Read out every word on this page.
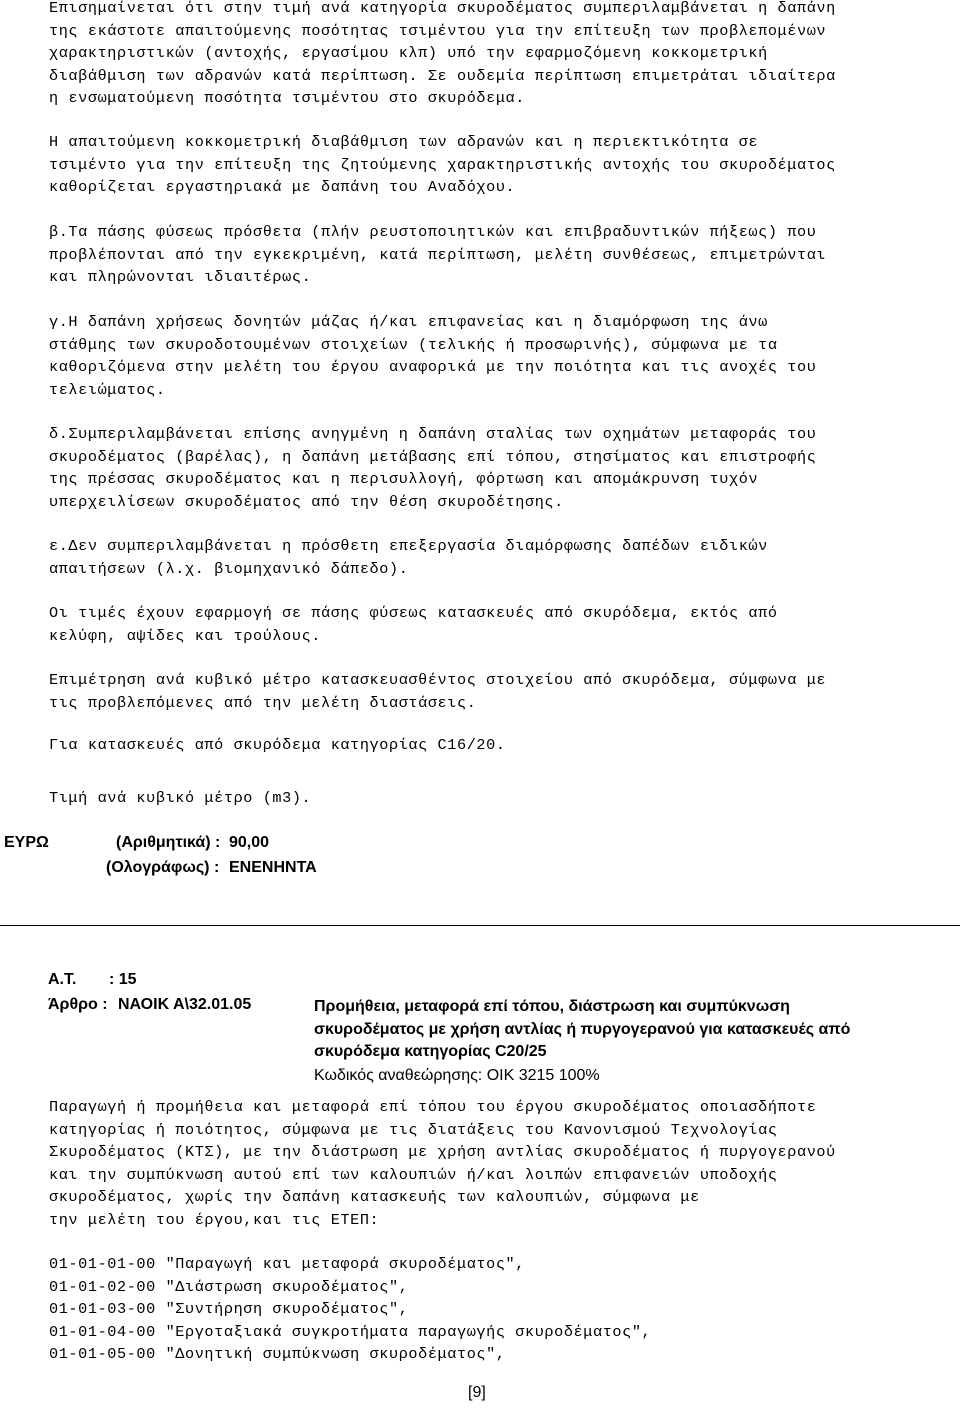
Επισημαίνεται ότι στην τιμή ανά κατηγορία σκυροδέματος συμπεριλαμβάνεται η δαπάνη
της εκάστοτε απαιτούμενης ποσότητας τσιμέντου για την επίτευξη των προβλεπομένων
χαρακτηριστικών (αντοχής, εργασίμου κλπ) υπό την εφαρμοζόμενη κοκκομετρική
διαβάθμιση των αδρανών κατά περίπτωση. Σε ουδεμία περίπτωση επιμετράται ιδιαίτερα
η ενσωματούμενη ποσότητα τσιμέντου στο σκυρόδεμα.
Η απαιτούμενη κοκκομετρική διαβάθμιση των αδρανών και η περιεκτικότητα σε
τσιμέντο για την επίτευξη της ζητούμενης χαρακτηριστικής αντοχής του σκυροδέματος
καθορίζεται εργαστηριακά με δαπάνη του Αναδόχου.
β.Τα πάσης φύσεως πρόσθετα (πλήν ρευστοποιητικών και επιβραδυντικών πήξεως) που
προβλέπονται από την εγκεκριμένη, κατά περίπτωση, μελέτη συνθέσεως, επιμετρώνται
και πληρώνονται ιδιαιτέρως.
γ.Η δαπάνη χρήσεως δονητών μάζας ή/και επιφανείας και η διαμόρφωση της άνω
στάθμης των σκυροδοτουμένων στοιχείων (τελικής ή προσωρινής), σύμφωνα με τα
καθοριζόμενα στην μελέτη του έργου αναφορικά με την ποιότητα και τις ανοχές του
τελειώματος.
δ.Συμπεριλαμβάνεται επίσης ανηγμένη η δαπάνη σταλίας των οχημάτων μεταφοράς του
σκυροδέματος (βαρέλας), η δαπάνη μετάβασης επί τόπου, στησίματος και επιστροφής
της πρέσσας σκυροδέματος και η περισυλλογή, φόρτωση και απομάκρυνση τυχόν
υπερχειλίσεων σκυροδέματος από την θέση σκυροδέτησης.
ε.Δεν συμπεριλαμβάνεται η πρόσθετη επεξεργασία διαμόρφωσης δαπέδων ειδικών
απαιτήσεων (λ.χ. βιομηχανικό δάπεδο).
Οι τιμές έχουν εφαρμογή σε πάσης φύσεως κατασκευές από σκυρόδεμα, εκτός από
κελύφη, αψίδες και τρούλους.
Επιμέτρηση ανά κυβικό μέτρο κατασκευασθέντος στοιχείου από σκυρόδεμα, σύμφωνα με
τις προβλεπόμενες από την μελέτη διαστάσεις.
Για κατασκευές από σκυρόδεμα κατηγορίας C16/20.
Τιμή ανά κυβικό μέτρο (m3).
ΕΥΡΩ	(Αριθμητικά) : 90,00
(Ολογράφως) : ΕΝΕΝΗΝΤΑ
Α.Τ. : 15
Άρθρο : ΝΑΟΙΚ Α\32.01.05	Προμήθεια, μεταφορά επί τόπου, διάστρωση και συμπύκνωση
σκυροδέματος με χρήση αντλίας ή πυργογερανού για κατασκευές από
σκυρόδεμα κατηγορίας C20/25
Κωδικός αναθεώρησης: ΟΙΚ 3215 100%
Παραγωγή ή προμήθεια και μεταφορά επί τόπου του έργου σκυροδέματος οποιασδήποτε
κατηγορίας ή ποιότητος, σύμφωνα με τις διατάξεις του Κανονισμού Τεχνολογίας
Σκυροδέματος (ΚΤΣ), με την διάστρωση με χρήση αντλίας σκυροδέματος ή πυργογερανού
και την συμπύκνωση αυτού επί των καλουπιών ή/και λοιπών επιφανειών υποδοχής
σκυροδέματος, χωρίς την δαπάνη κατασκευής των καλουπιών, σύμφωνα με
την μελέτη του έργου,και τις ΕΤΕΠ:
01-01-01-00 "Παραγωγή και μεταφορά σκυροδέματος",
01-01-02-00 "Διάστρωση σκυροδέματος",
01-01-03-00 "Συντήρηση σκυροδέματος",
01-01-04-00 "Εργοταξιακά συγκροτήματα παραγωγής σκυροδέματος",
01-01-05-00 "Δονητική συμπύκνωση σκυροδέματος",
[9]
